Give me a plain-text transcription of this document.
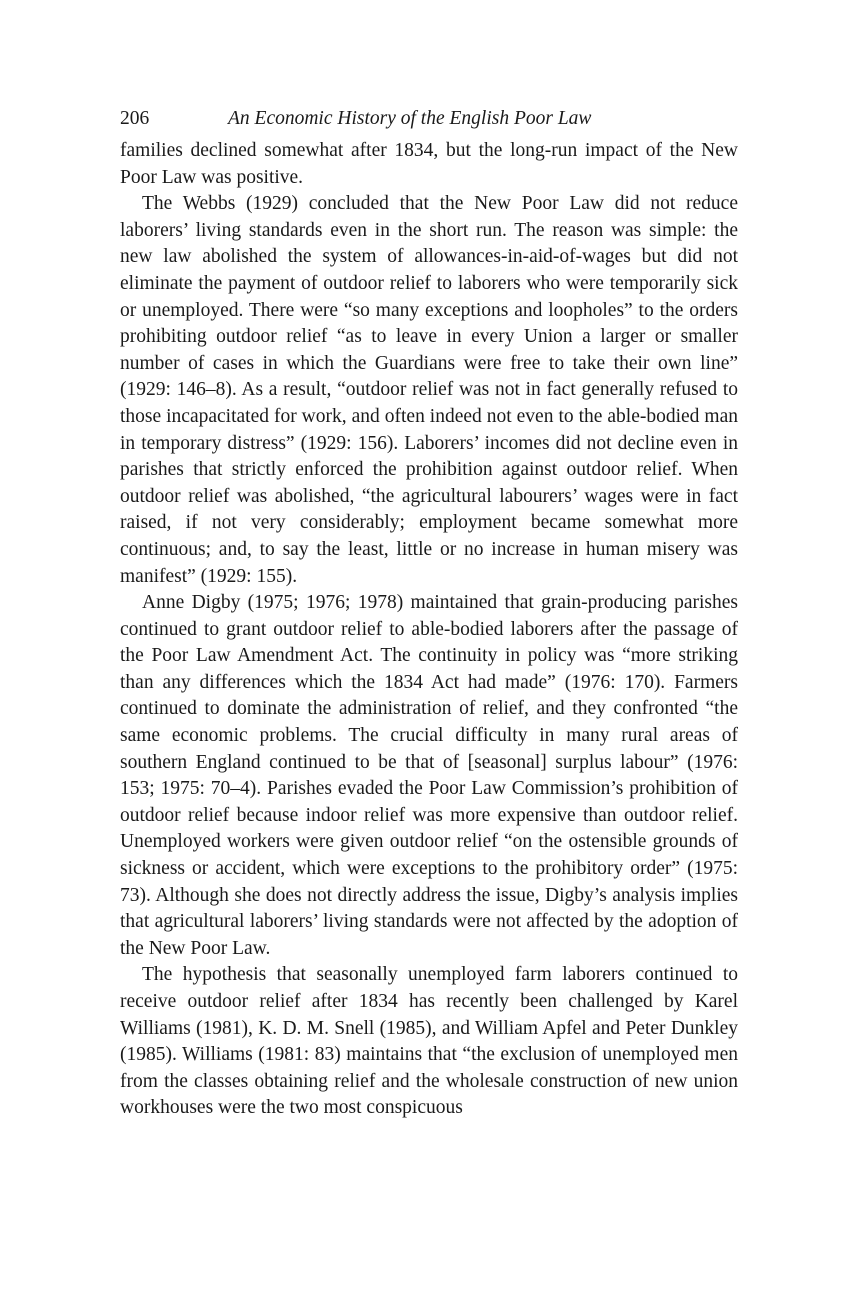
206	An Economic History of the English Poor Law

families declined somewhat after 1834, but the long-run impact of the New Poor Law was positive.

The Webbs (1929) concluded that the New Poor Law did not reduce laborers’ living standards even in the short run. The reason was simple: the new law abolished the system of allowances-in-aid-of-wages but did not eliminate the payment of outdoor relief to laborers who were temporarily sick or unemployed. There were “so many exceptions and loopholes” to the orders prohibiting outdoor relief “as to leave in every Union a larger or smaller number of cases in which the Guardians were free to take their own line” (1929: 146–8). As a result, “outdoor relief was not in fact generally refused to those incapacitated for work, and often indeed not even to the able-bodied man in temporary distress” (1929: 156). Laborers’ incomes did not decline even in parishes that strictly enforced the prohibition against outdoor relief. When outdoor relief was abolished, “the agricultural labourers’ wages were in fact raised, if not very considerably; employment became somewhat more continuous; and, to say the least, little or no increase in human misery was manifest” (1929: 155).

Anne Digby (1975; 1976; 1978) maintained that grain-producing parishes continued to grant outdoor relief to able-bodied laborers after the passage of the Poor Law Amendment Act. The continuity in policy was “more striking than any differences which the 1834 Act had made” (1976: 170). Farmers continued to dominate the administration of relief, and they confronted “the same economic problems. The crucial difficulty in many rural areas of southern England continued to be that of [seasonal] surplus labour” (1976: 153; 1975: 70–4). Parishes evaded the Poor Law Commission’s prohibition of outdoor relief because indoor relief was more expensive than outdoor relief. Unemployed workers were given outdoor relief “on the ostensible grounds of sickness or accident, which were exceptions to the prohibitory order” (1975: 73). Although she does not directly address the issue, Digby’s analysis implies that agricultural laborers’ living standards were not affected by the adoption of the New Poor Law.

The hypothesis that seasonally unemployed farm laborers continued to receive outdoor relief after 1834 has recently been challenged by Karel Williams (1981), K. D. M. Snell (1985), and William Apfel and Peter Dunkley (1985). Williams (1981: 83) maintains that “the exclusion of unemployed men from the classes obtaining relief and the wholesale construction of new union workhouses were the two most conspicuous
